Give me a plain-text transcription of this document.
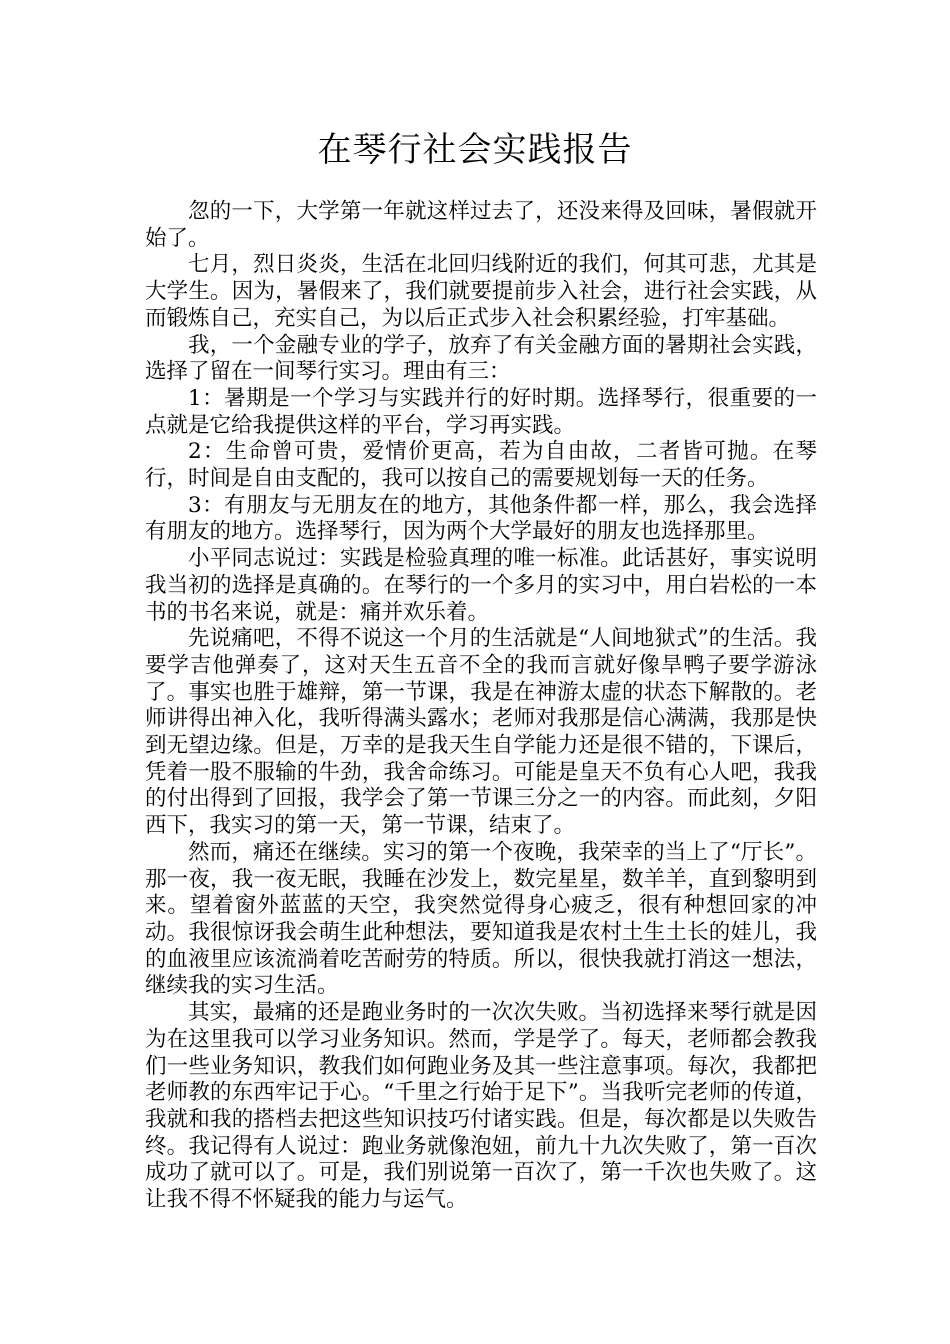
在琴行社会实践报告

忽的一下，大学第一年就这样过去了，还没来得及回味，暑假就开始了。

七月，烈日炎炎，生活在北回归线附近的我们，何其可悲，尤其是大学生。因为，暑假来了，我们就要提前步入社会，进行社会实践，从而锻炼自己，充实自己，为以后正式步入社会积累经验，打牢基础。

我，一个金融专业的学子，放弃了有关金融方面的暑期社会实践，选择了留在一间琴行实习。理由有三：

1：暑期是一个学习与实践并行的好时期。选择琴行，很重要的一点就是它给我提供这样的平台，学习再实践。

2：生命曾可贵，爱情价更高，若为自由故，二者皆可抛。在琴行，时间是自由支配的，我可以按自己的需要规划每一天的任务。

3：有朋友与无朋友在的地方，其他条件都一样，那么，我会选择有朋友的地方。选择琴行，因为两个大学最好的朋友也选择那里。

小平同志说过：实践是检验真理的唯一标准。此话甚好，事实说明我当初的选择是真确的。在琴行的一个多月的实习中，用白岩松的一本书的书名来说，就是：痛并欢乐着。

先说痛吧，不得不说这一个月的生活就是“人间地狱式”的生活。我要学吉他弹奏了，这对天生五音不全的我而言就好像旱鸭子要学游泳了。事实也胜于雄辩，第一节课，我是在神游太虚的状态下解散的。老师讲得出神入化，我听得满头露水；老师对我那是信心满满，我那是快到无望边缘。但是，万幸的是我天生自学能力还是很不错的，下课后，凭着一股不服输的牛劲，我舍命练习。可能是皇天不负有心人吧，我我的付出得到了回报，我学会了第一节课三分之一的内容。而此刻，夕阳西下，我实习的第一天，第一节课，结束了。

然而，痛还在继续。实习的第一个夜晚，我荣幸的当上了“厅长”。那一夜，我一夜无眠，我睡在沙发上，数完星星，数羊羊，直到黎明到来。望着窗外蓝蓝的天空，我突然觉得身心疲乏，很有种想回家的冲动。我很惊讶我会萌生此种想法，要知道我是农村土生土长的娃儿，我的血液里应该流淌着吃苦耐劳的特质。所以，很快我就打消这一想法，继续我的实习生活。

其实，最痛的还是跑业务时的一次次失败。当初选择来琴行就是因为在这里我可以学习业务知识。然而，学是学了。每天，老师都会教我们一些业务知识，教我们如何跑业务及其一些注意事项。每次，我都把老师教的东西牢记于心。“千里之行始于足下”。当我听完老师的传道，我就和我的搭档去把这些知识技巧付诸实践。但是，每次都是以失败告终。我记得有人说过：跑业务就像泡妞，前九十九次失败了，第一百次成功了就可以了。可是，我们别说第一百次了，第一千次也失败了。这让我不得不怀疑我的能力与运气。
